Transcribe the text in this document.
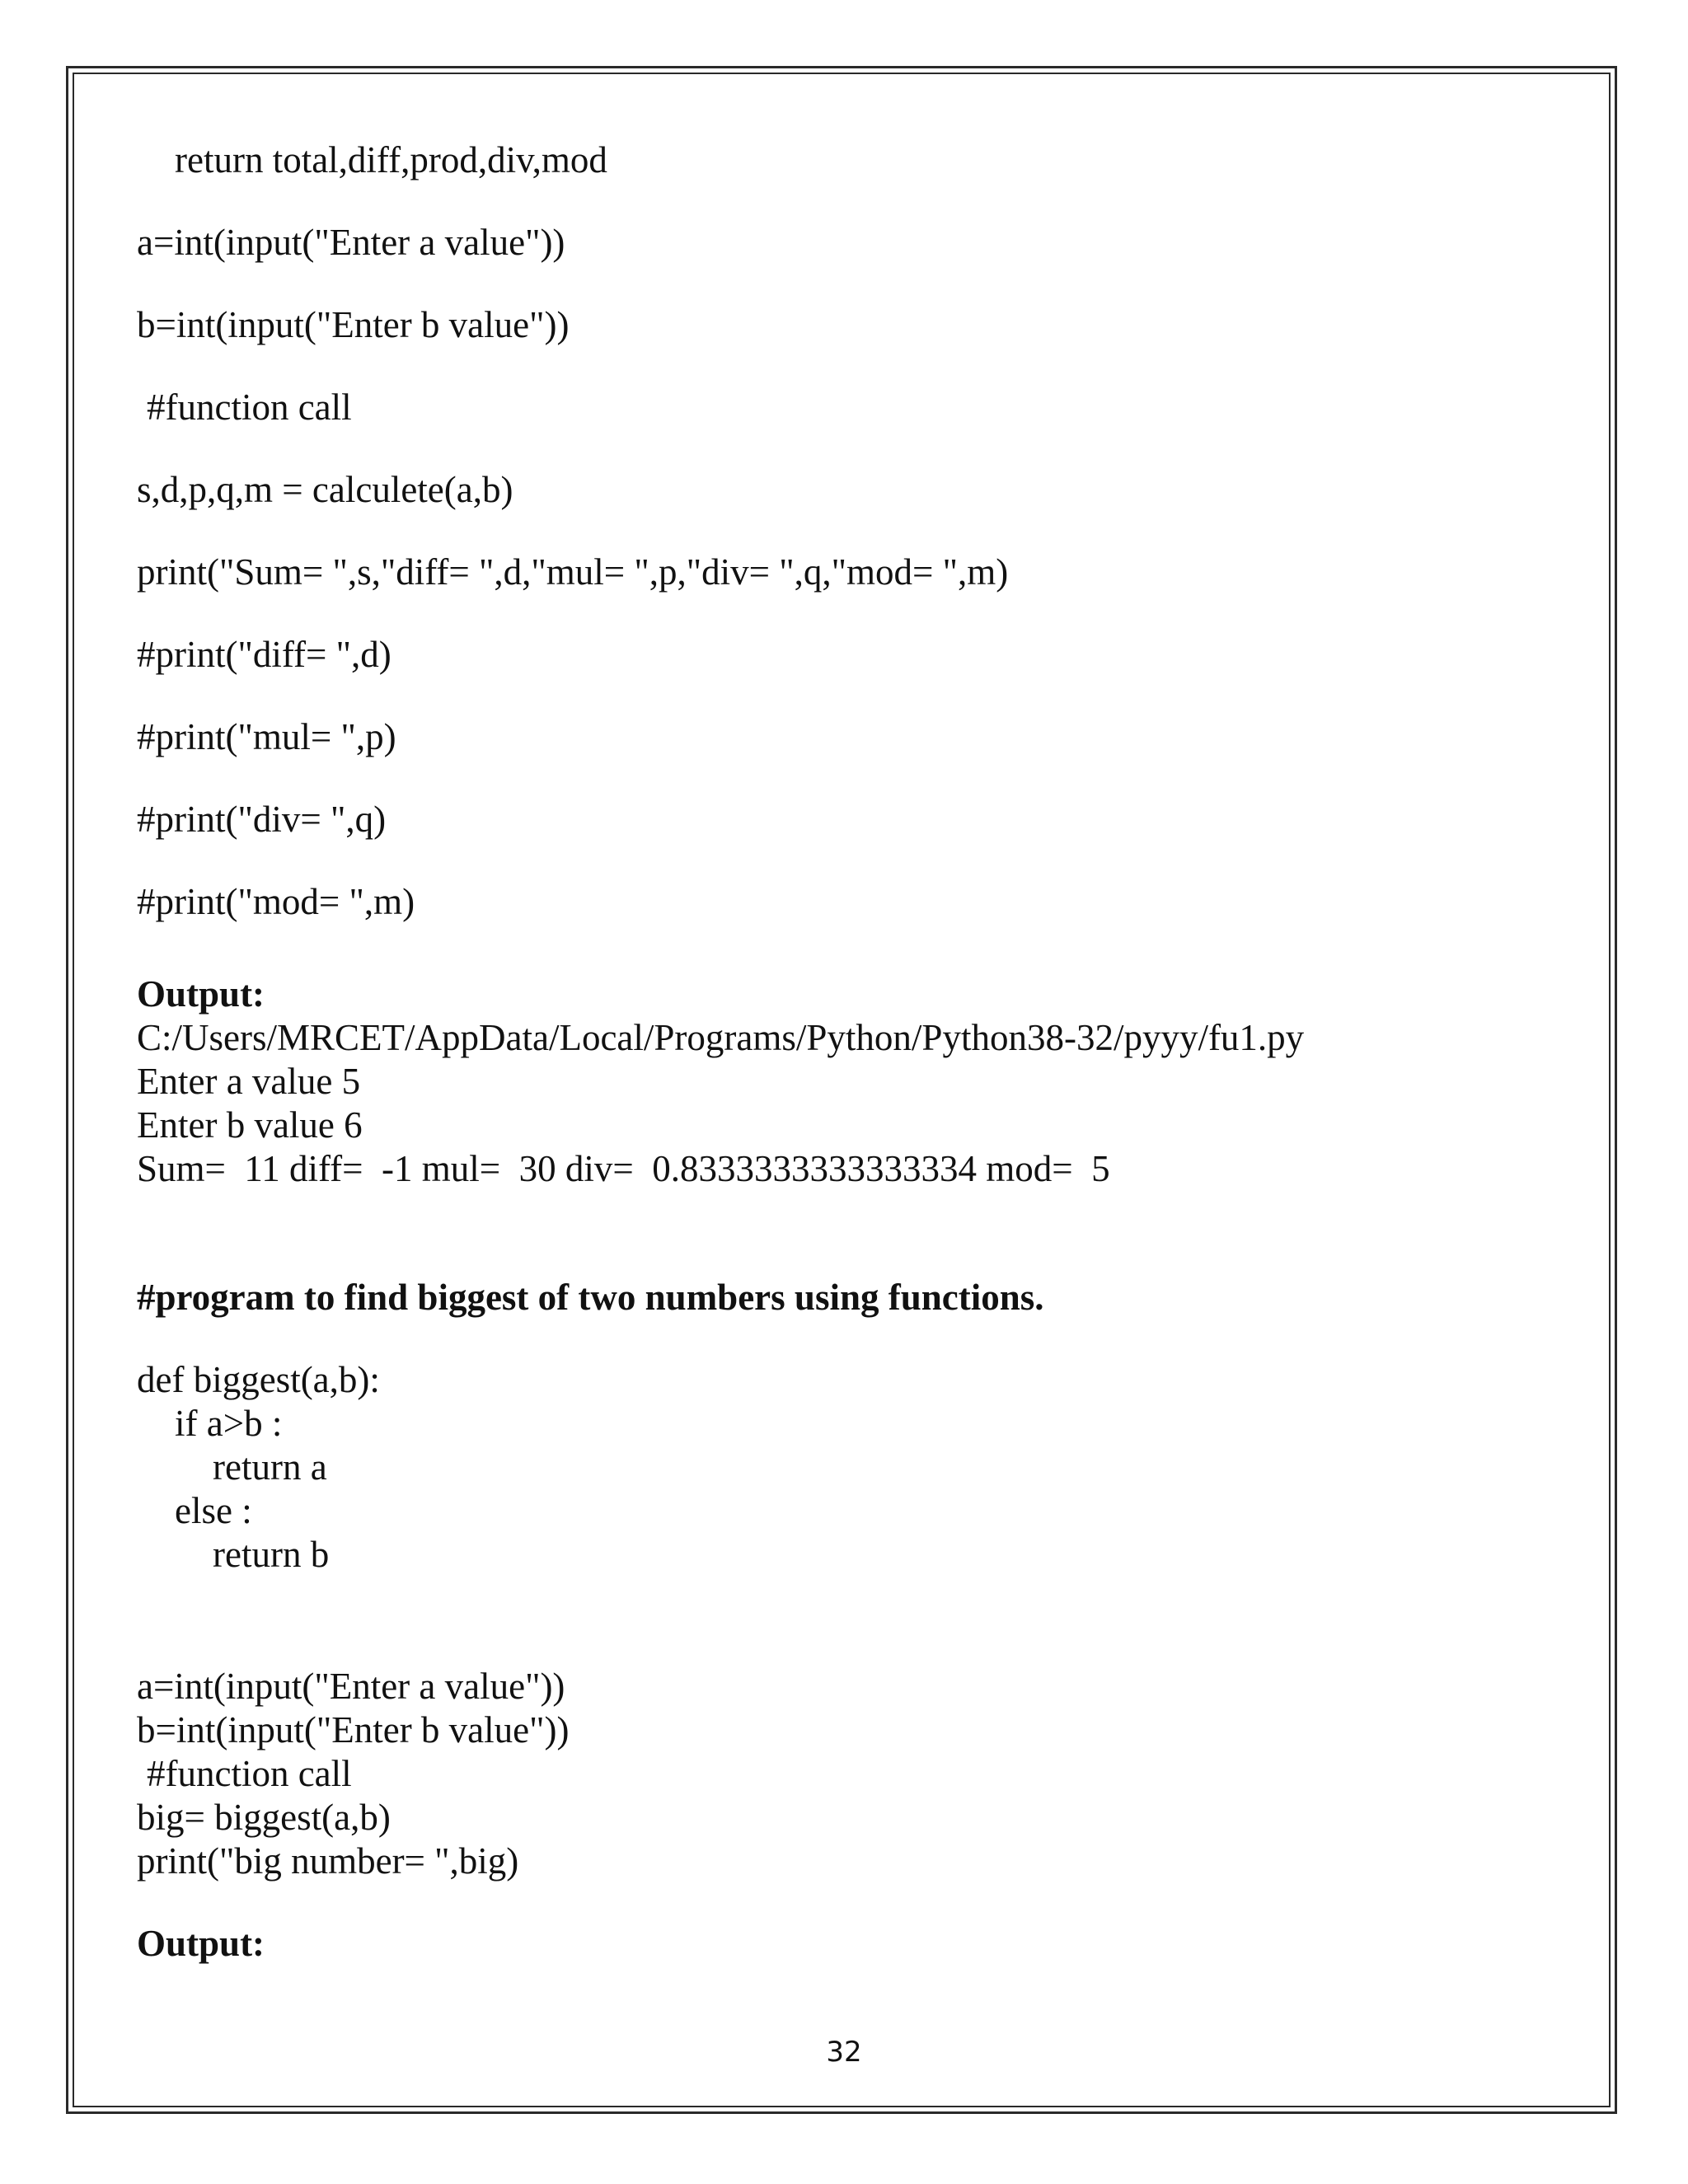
return total,diff,prod,div,mod
a=int(input("Enter a value"))
b=int(input("Enter b value"))
#function call
s,d,p,q,m = calculete(a,b)
print("Sum= ",s,"diff= ",d,"mul= ",p,"div= ",q,"mod= ",m)
#print("diff= ",d)
#print("mul= ",p)
#print("div= ",q)
#print("mod= ",m)
Output:
C:/Users/MRCET/AppData/Local/Programs/Python/Python38-32/pyyy/fu1.py
Enter a value 5
Enter b value 6
Sum=  11 diff=  -1 mul=  30 div=  0.8333333333333334 mod=  5
#program to find biggest of two numbers using functions.
def biggest(a,b):
if a>b :
return a
else :
return b
a=int(input("Enter a value"))
b=int(input("Enter b value"))
#function call
big= biggest(a,b)
print("big number= ",big)
Output:
32
